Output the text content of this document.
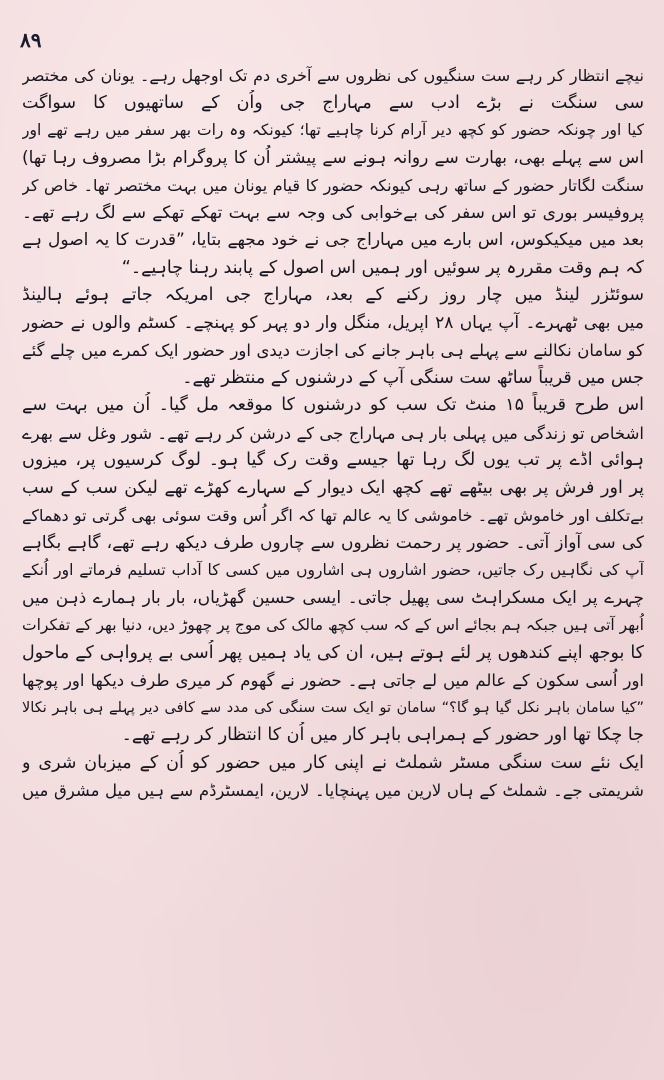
۸۹
نیچے انتظار کر رہے ست سنگیوں کی نظروں سے آخری دم تک اوجھل رہے۔ یونان کی مختصر
سی سنگت نے بڑے ادب سے مہاراج جی واُن کے ساتھیوں کا سواگت
کیا اور چونکہ حضور کو کچھ دیر آرام کرنا چاہیے تھا؛ کیونکہ وہ رات بھر سفر میں رہے تھے اور
اس سے پہلے بھی، بھارت سے روانہ ہونے سے پیشتر اُن کا پروگرام بڑا مصروف رہا تھا)
سنگت لگاتار حضور کے ساتھ رہی کیونکہ حضور کا قیام یونان میں بہت مختصر تھا۔ خاص کر
پروفیسر بوری تو اس سفر کی بےخوابی کی وجہ سے بہت تھکے تھکے سے لگ رہے تھے۔
بعد میں میکیکوس، اس بارے میں مہاراج جی نے خود مجھے بتایا، ”قدرت کا یہ اصول ہے
کہ ہم وقت مقررہ پر سوئیں اور ہمیں اس اصول کے پابند رہنا چاہیے۔“
سوئٹزر لینڈ میں چار روز رکنے کے بعد، مہاراج جی امریکہ جاتے ہوئے ہالینڈ
میں بھی ٹھہرے۔ آپ یہاں ۲۸ اپریل، منگل وار دو پہر کو پہنچے۔ کسٹم والوں نے حضور
کو سامان نکالنے سے پہلے ہی باہر جانے کی اجازت دیدی اور حضور ایک کمرے میں چلے گئے
جس میں قریباً ساٹھ ست سنگی آپ کے درشنوں کے منتظر تھے۔
اس طرح قریباً ۱۵ منٹ تک سب کو درشنوں کا موقعہ مل گیا۔ اُن میں بہت سے
اشخاص تو زندگی میں پہلی بار ہی مہاراج جی کے درشن کر رہے تھے۔ شور وغل سے بھرے
ہوائی اڈے پر تب یوں لگ رہا تھا جیسے وقت رک گیا ہو۔ لوگ کرسیوں پر، میزوں
پر اور فرش پر بھی بیٹھے تھے کچھ ایک دیوار کے سہارے کھڑے تھے لیکن سب کے سب
بےتکلف اور خاموش تھے۔ خاموشی کا یہ عالم تھا کہ اگر اُس وقت سوئی بھی گرتی تو دھماکے
کی سی آواز آتی۔ حضور پر رحمت نظروں سے چاروں طرف دیکھ رہے تھے، گاہے بگاہے
آپ کی نگاہیں رک جاتیں، حضور اشاروں ہی اشاروں میں کسی کا آداب تسلیم فرماتے اور اُنکے
چہرے پر ایک مسکراہٹ سی پھیل جاتی۔ ایسی حسین گھڑیاں، بار بار ہمارے ذہن میں
اُبھر آتی ہیں جبکہ ہم بجائے اس کے کہ سب کچھ مالک کی موج پر چھوڑ دیں، دنیا بھر کے تفکرات
کا بوجھ اپنے کندھوں پر لئے ہوتے ہیں، ان کی یاد ہمیں پھر اُسی بے پرواہی کے ماحول
اور اُسی سکون کے عالم میں لے جاتی ہے۔ حضور نے گھوم کر میری طرف دیکھا اور پوچھا
”کیا سامان باہر نکل گیا ہو گا؟“ سامان تو ایک ست سنگی کی مدد سے کافی دیر پہلے ہی باہر نکالا
جا چکا تھا اور حضور کے ہمراہی باہر کار میں اُن کا انتظار کر رہے تھے۔
ایک نئے ست سنگی مسٹر شملٹ نے اپنی کار میں حضور کو اُن کے میزبان شری و
شریمتی جے۔ شملٹ کے ہاں لارین میں پہنچایا۔ لارین، ایمسٹرڈم سے ہیں میل مشرق میں
